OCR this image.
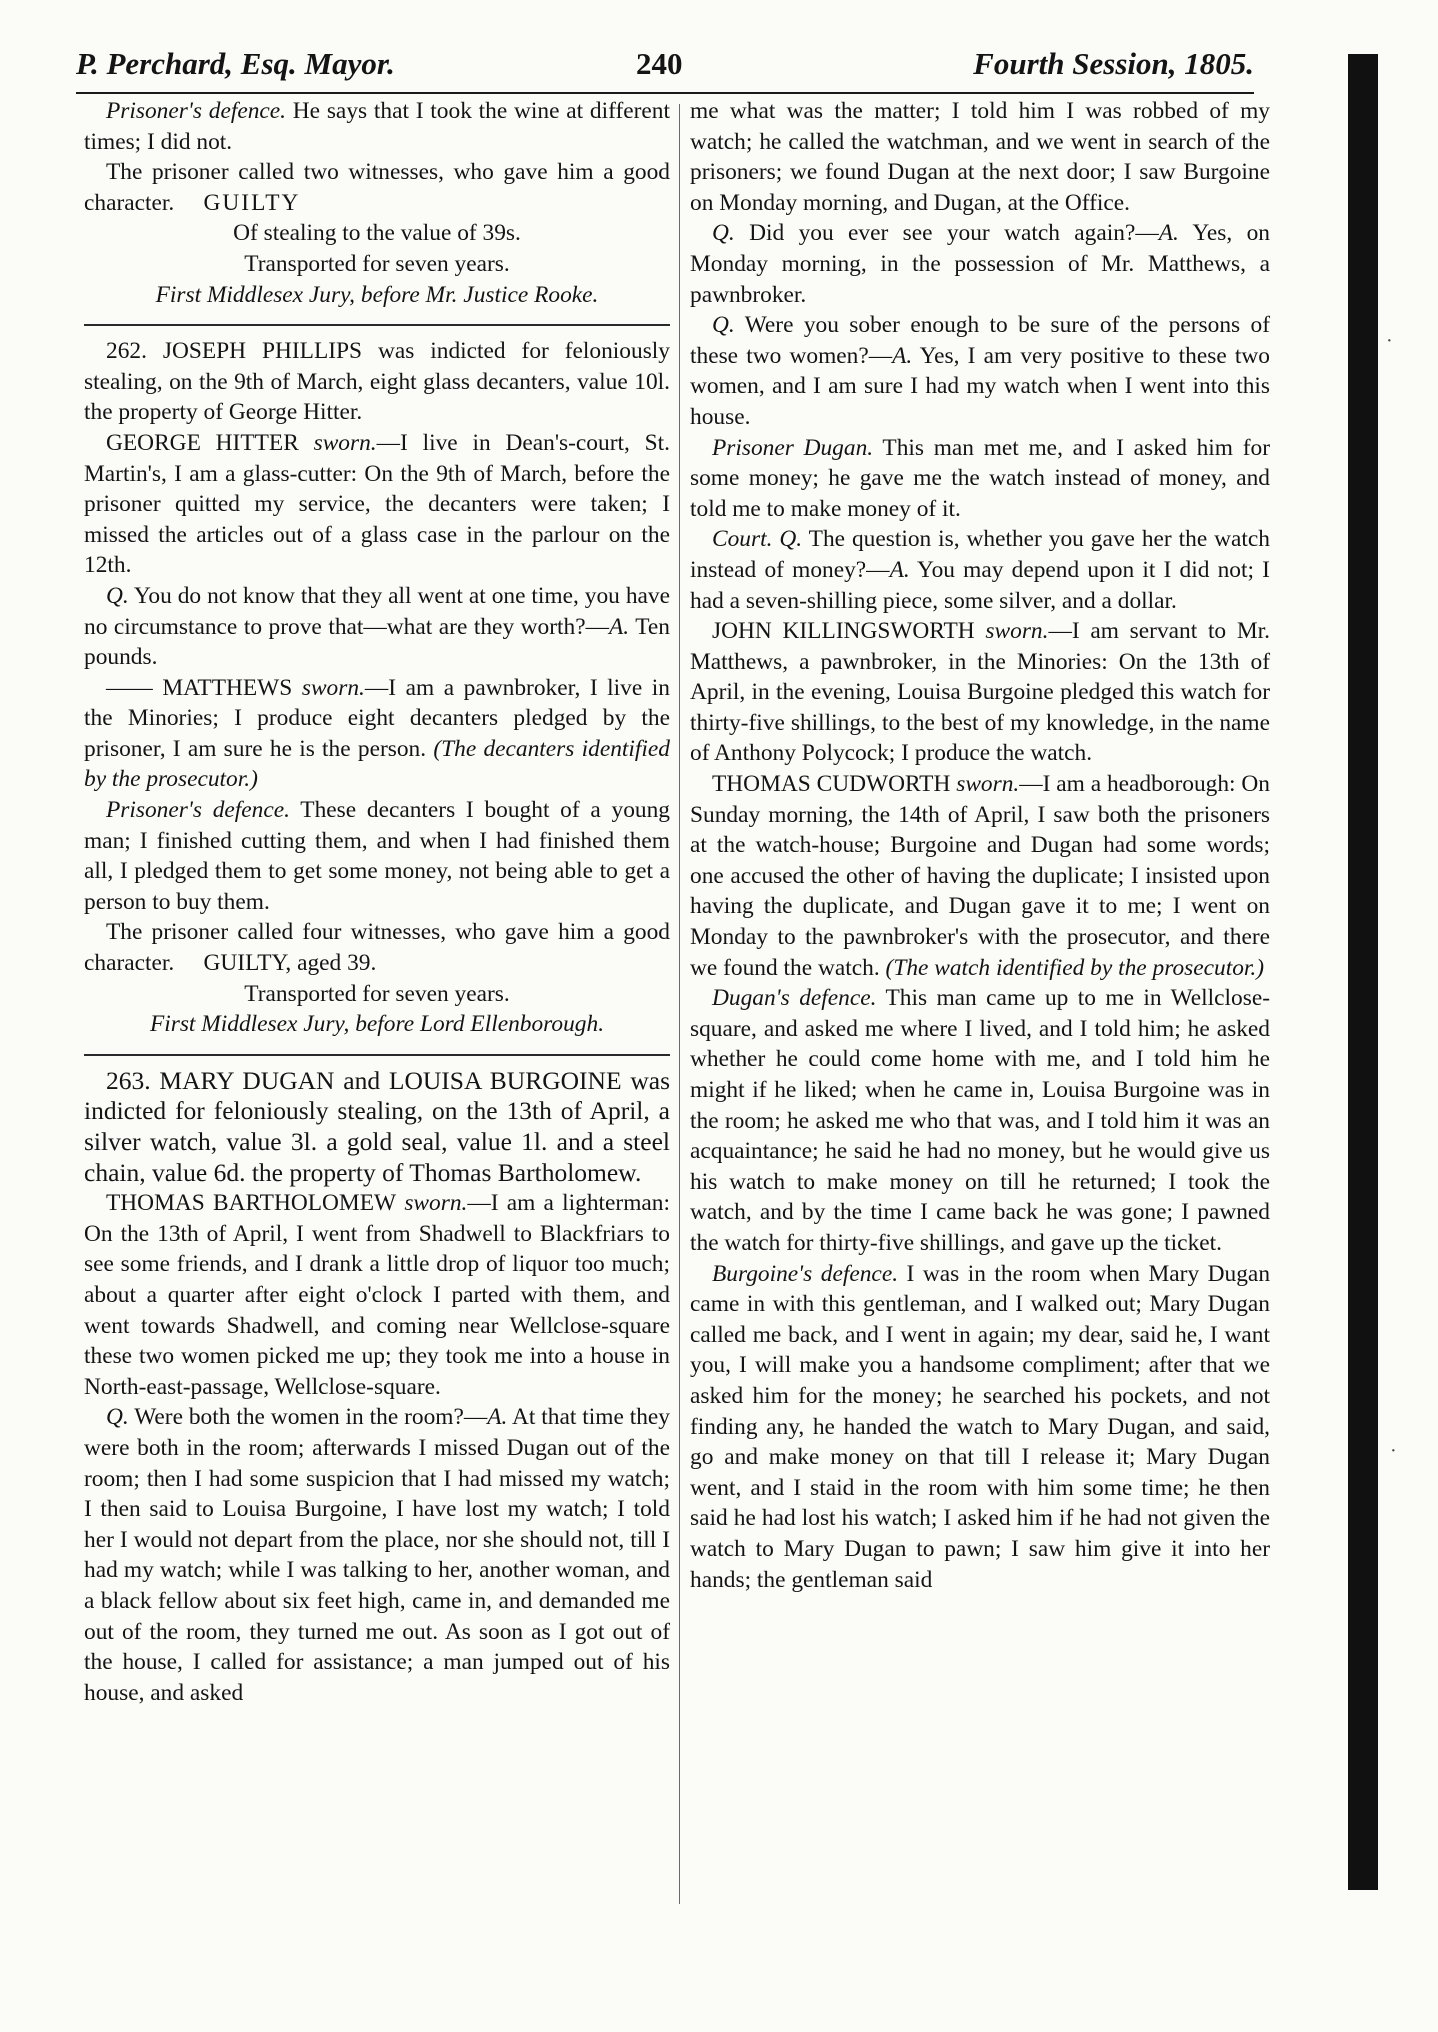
P. Perchard, Esq. Mayor.	240	Fourth Session, 1805.

Prisoner's defence. He says that I took the wine at different times; I did not.

The prisoner called two witnesses, who gave him a good character. GUILTY

Of stealing to the value of 39s.

Transported for seven years.

First Middlesex Jury, before Mr. Justice Rooke.

262. JOSEPH PHILLIPS was indicted for feloniously stealing, on the 9th of March, eight glass decanters, value 10l. the property of George Hitter.

GEORGE HITTER sworn.—I live in Dean's-court, St. Martin's, I am a glass-cutter: On the 9th of March, before the prisoner quitted my service, the decanters were taken; I missed the articles out of a glass case in the parlour on the 12th.

Q. You do not know that they all went at one time, you have no circumstance to prove that—what are they worth?—A. Ten pounds.

—— MATTHEWS sworn.—I am a pawnbroker, I live in the Minories; I produce eight decanters pledged by the prisoner, I am sure he is the person. (The decanters identified by the prosecutor.)

Prisoner's defence. These decanters I bought of a young man; I finished cutting them, and when I had finished them all, I pledged them to get some money, not being able to get a person to buy them.

The prisoner called four witnesses, who gave him a good character. GUILTY, aged 39.

Transported for seven years.

First Middlesex Jury, before Lord Ellenborough.

263. MARY DUGAN and LOUISA BURGOINE was indicted for feloniously stealing, on the 13th of April, a silver watch, value 3l. a gold seal, value 1l. and a steel chain, value 6d. the property of Thomas Bartholomew.

THOMAS BARTHOLOMEW sworn.—I am a lighterman: On the 13th of April, I went from Shadwell to Blackfriars to see some friends, and I drank a little drop of liquor too much; about a quarter after eight o'clock I parted with them, and went towards Shadwell, and coming near Wellclose-square these two women picked me up; they took me into a house in North-east-passage, Wellclose-square.

Q. Were both the women in the room?—A. At that time they were both in the room; afterwards I missed Dugan out of the room; then I had some suspicion that I had missed my watch; I then said to Louisa Burgoine, I have lost my watch; I told her I would not depart from the place, nor she should not, till I had my watch; while I was talking to her, another woman, and a black fellow about six feet high, came in, and demanded me out of the room, they turned me out. As soon as I got out of the house, I called for assistance; a man jumped out of his house, and asked

me what was the matter; I told him I was robbed of my watch; he called the watchman, and we went in search of the prisoners; we found Dugan at the next door; I saw Burgoine on Monday morning, and Dugan, at the Office.

Q. Did you ever see your watch again?—A. Yes, on Monday morning, in the possession of Mr. Matthews, a pawnbroker.

Q. Were you sober enough to be sure of the persons of these two women?—A. Yes, I am very positive to these two women, and I am sure I had my watch when I went into this house.

Prisoner Dugan. This man met me, and I asked him for some money; he gave me the watch instead of money, and told me to make money of it.

Court. Q. The question is, whether you gave her the watch instead of money?—A. You may depend upon it I did not; I had a seven-shilling piece, some silver, and a dollar.

JOHN KILLINGSWORTH sworn.—I am servant to Mr. Matthews, a pawnbroker, in the Minories: On the 13th of April, in the evening, Louisa Burgoine pledged this watch for thirty-five shillings, to the best of my knowledge, in the name of Anthony Polycock; I produce the watch.

THOMAS CUDWORTH sworn.—I am a headborough: On Sunday morning, the 14th of April, I saw both the prisoners at the watch-house; Burgoine and Dugan had some words; one accused the other of having the duplicate; I insisted upon having the duplicate, and Dugan gave it to me; I went on Monday to the pawnbroker's with the prosecutor, and there we found the watch. (The watch identified by the prosecutor.)

Dugan's defence. This man came up to me in Wellclose-square, and asked me where I lived, and I told him; he asked whether he could come home with me, and I told him he might if he liked; when he came in, Louisa Burgoine was in the room; he asked me who that was, and I told him it was an acquaintance; he said he had no money, but he would give us his watch to make money on till he returned; I took the watch, and by the time I came back he was gone; I pawned the watch for thirty-five shillings, and gave up the ticket.

Burgoine's defence. I was in the room when Mary Dugan came in with this gentleman, and I walked out; Mary Dugan called me back, and I went in again; my dear, said he, I want you, I will make you a handsome compliment; after that we asked him for the money; he searched his pockets, and not finding any, he handed the watch to Mary Dugan, and said, go and make money on that till I release it; Mary Dugan went, and I staid in the room with him some time; he then said he had lost his watch; I asked him if he had not given the watch to Mary Dugan to pawn; I saw him give it into her hands; the gentleman said

·
·
